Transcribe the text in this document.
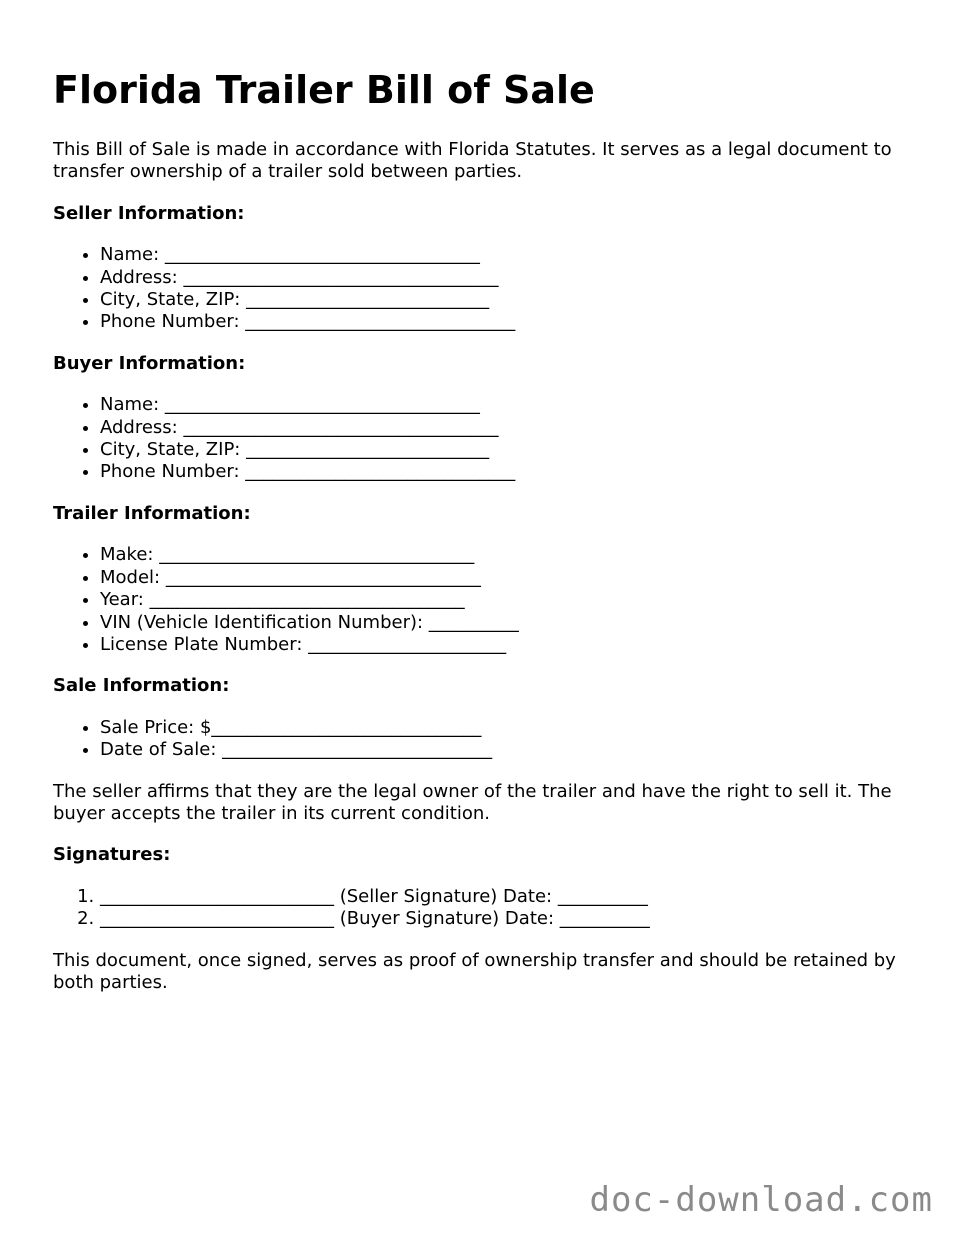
Florida Trailer Bill of Sale

This Bill of Sale is made in accordance with Florida Statutes. It serves as a legal document to transfer ownership of a trailer sold between parties.

Seller Information:
• Name: ___________________________________
• Address: ___________________________________
• City, State, ZIP: ___________________________
• Phone Number: ______________________________
Buyer Information:
• Name: ___________________________________
• Address: ___________________________________
• City, State, ZIP: ___________________________
• Phone Number: ______________________________
Trailer Information:
• Make: ___________________________________
• Model: ___________________________________
• Year: ___________________________________
• VIN (Vehicle Identification Number): __________
• License Plate Number: ______________________
Sale Information:
• Sale Price: $______________________________
• Date of Sale: ______________________________

The seller affirms that they are the legal owner of the trailer and have the right to sell it. The buyer accepts the trailer in its current condition.

Signatures:
1. __________________________ (Seller Signature) Date: __________
2. __________________________ (Buyer Signature) Date: __________

This document, once signed, serves as proof of ownership transfer and should be retained by both parties.

doc-download.com
